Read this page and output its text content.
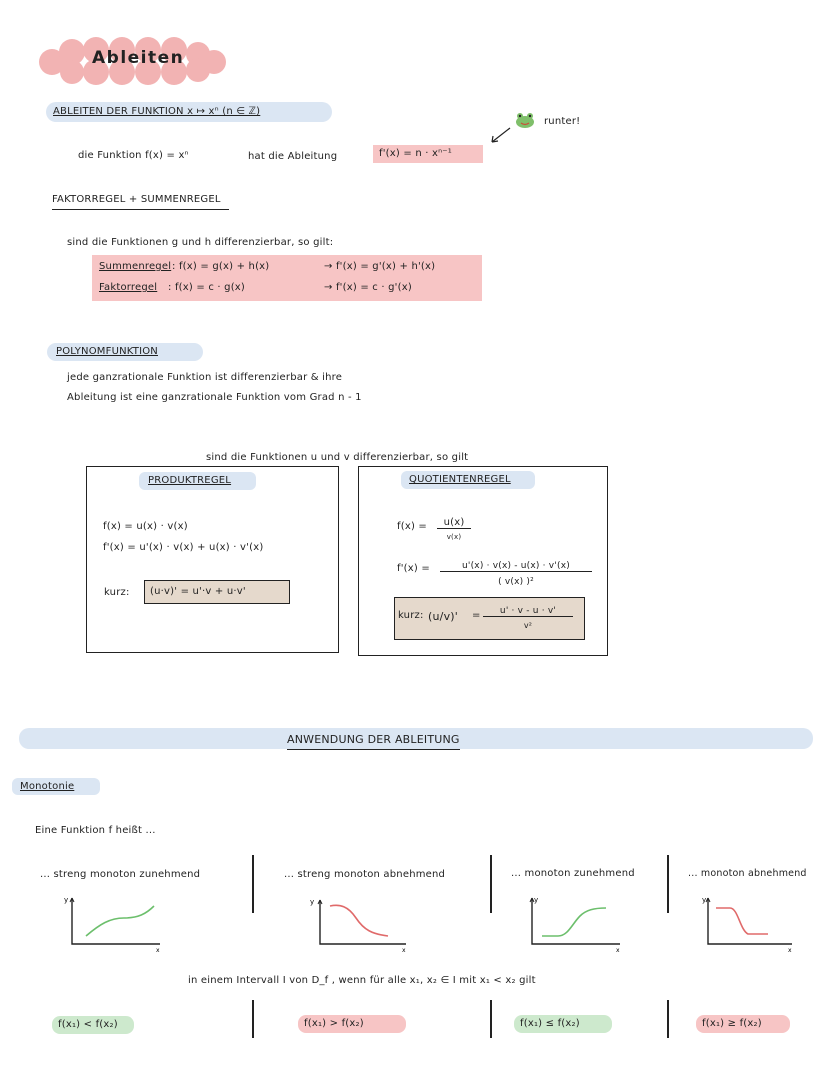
Ableiten
ABLEITEN DER FUNKTION x ↦ xⁿ (n ∈ ℤ)
die Funktion f(x) = xⁿ	hat die Ableitung	f'(x) = n · xⁿ⁻¹
runter!
FAKTORREGEL + SUMMENREGEL
sind die Funktionen g und h differenzierbar, so gilt:
Summenregel : f(x) = g(x) + h(x)	→ f'(x) = g'(x) + h'(x)
Faktorregel : f(x) = c · g(x)	→ f'(x) = c · g'(x)
POLYNOMFUNKTION
jede ganzrationale Funktion ist differenzierbar & ihre
Ableitung ist eine ganzrationale Funktion vom Grad n - 1
sind die Funktionen u und v differenzierbar, so gilt
PRODUKTREGEL
f(x) = u(x) · v(x)
f'(x) = u'(x) · v(x) + u(x) · v'(x)
kurz:	(u·v)' = u'·v + u·v'
QUOTIENTENREGEL
f(x) =	u(x)
v(x)
f'(x) =	u'(x) · v(x) - u(x) · v'(x)
( v(x) )²
kurz: (u/v)' =	u' · v - u · v'
v²
ANWENDUNG DER ABLEITUNG
Monotonie
Eine Funktion f heißt ...
... streng monoton zunehmend	... streng monoton abnehmend	... monoton zunehmend	... monoton abnehmend
y
x
y
x
y
x
y
x
in einem Intervall I von D_f , wenn für alle x₁, x₂ ∈ I mit x₁ < x₂ gilt
f(x₁) < f(x₂)	f(x₁) > f(x₂)	f(x₁) ≤ f(x₂)	f(x₁) ≥ f(x₂)
